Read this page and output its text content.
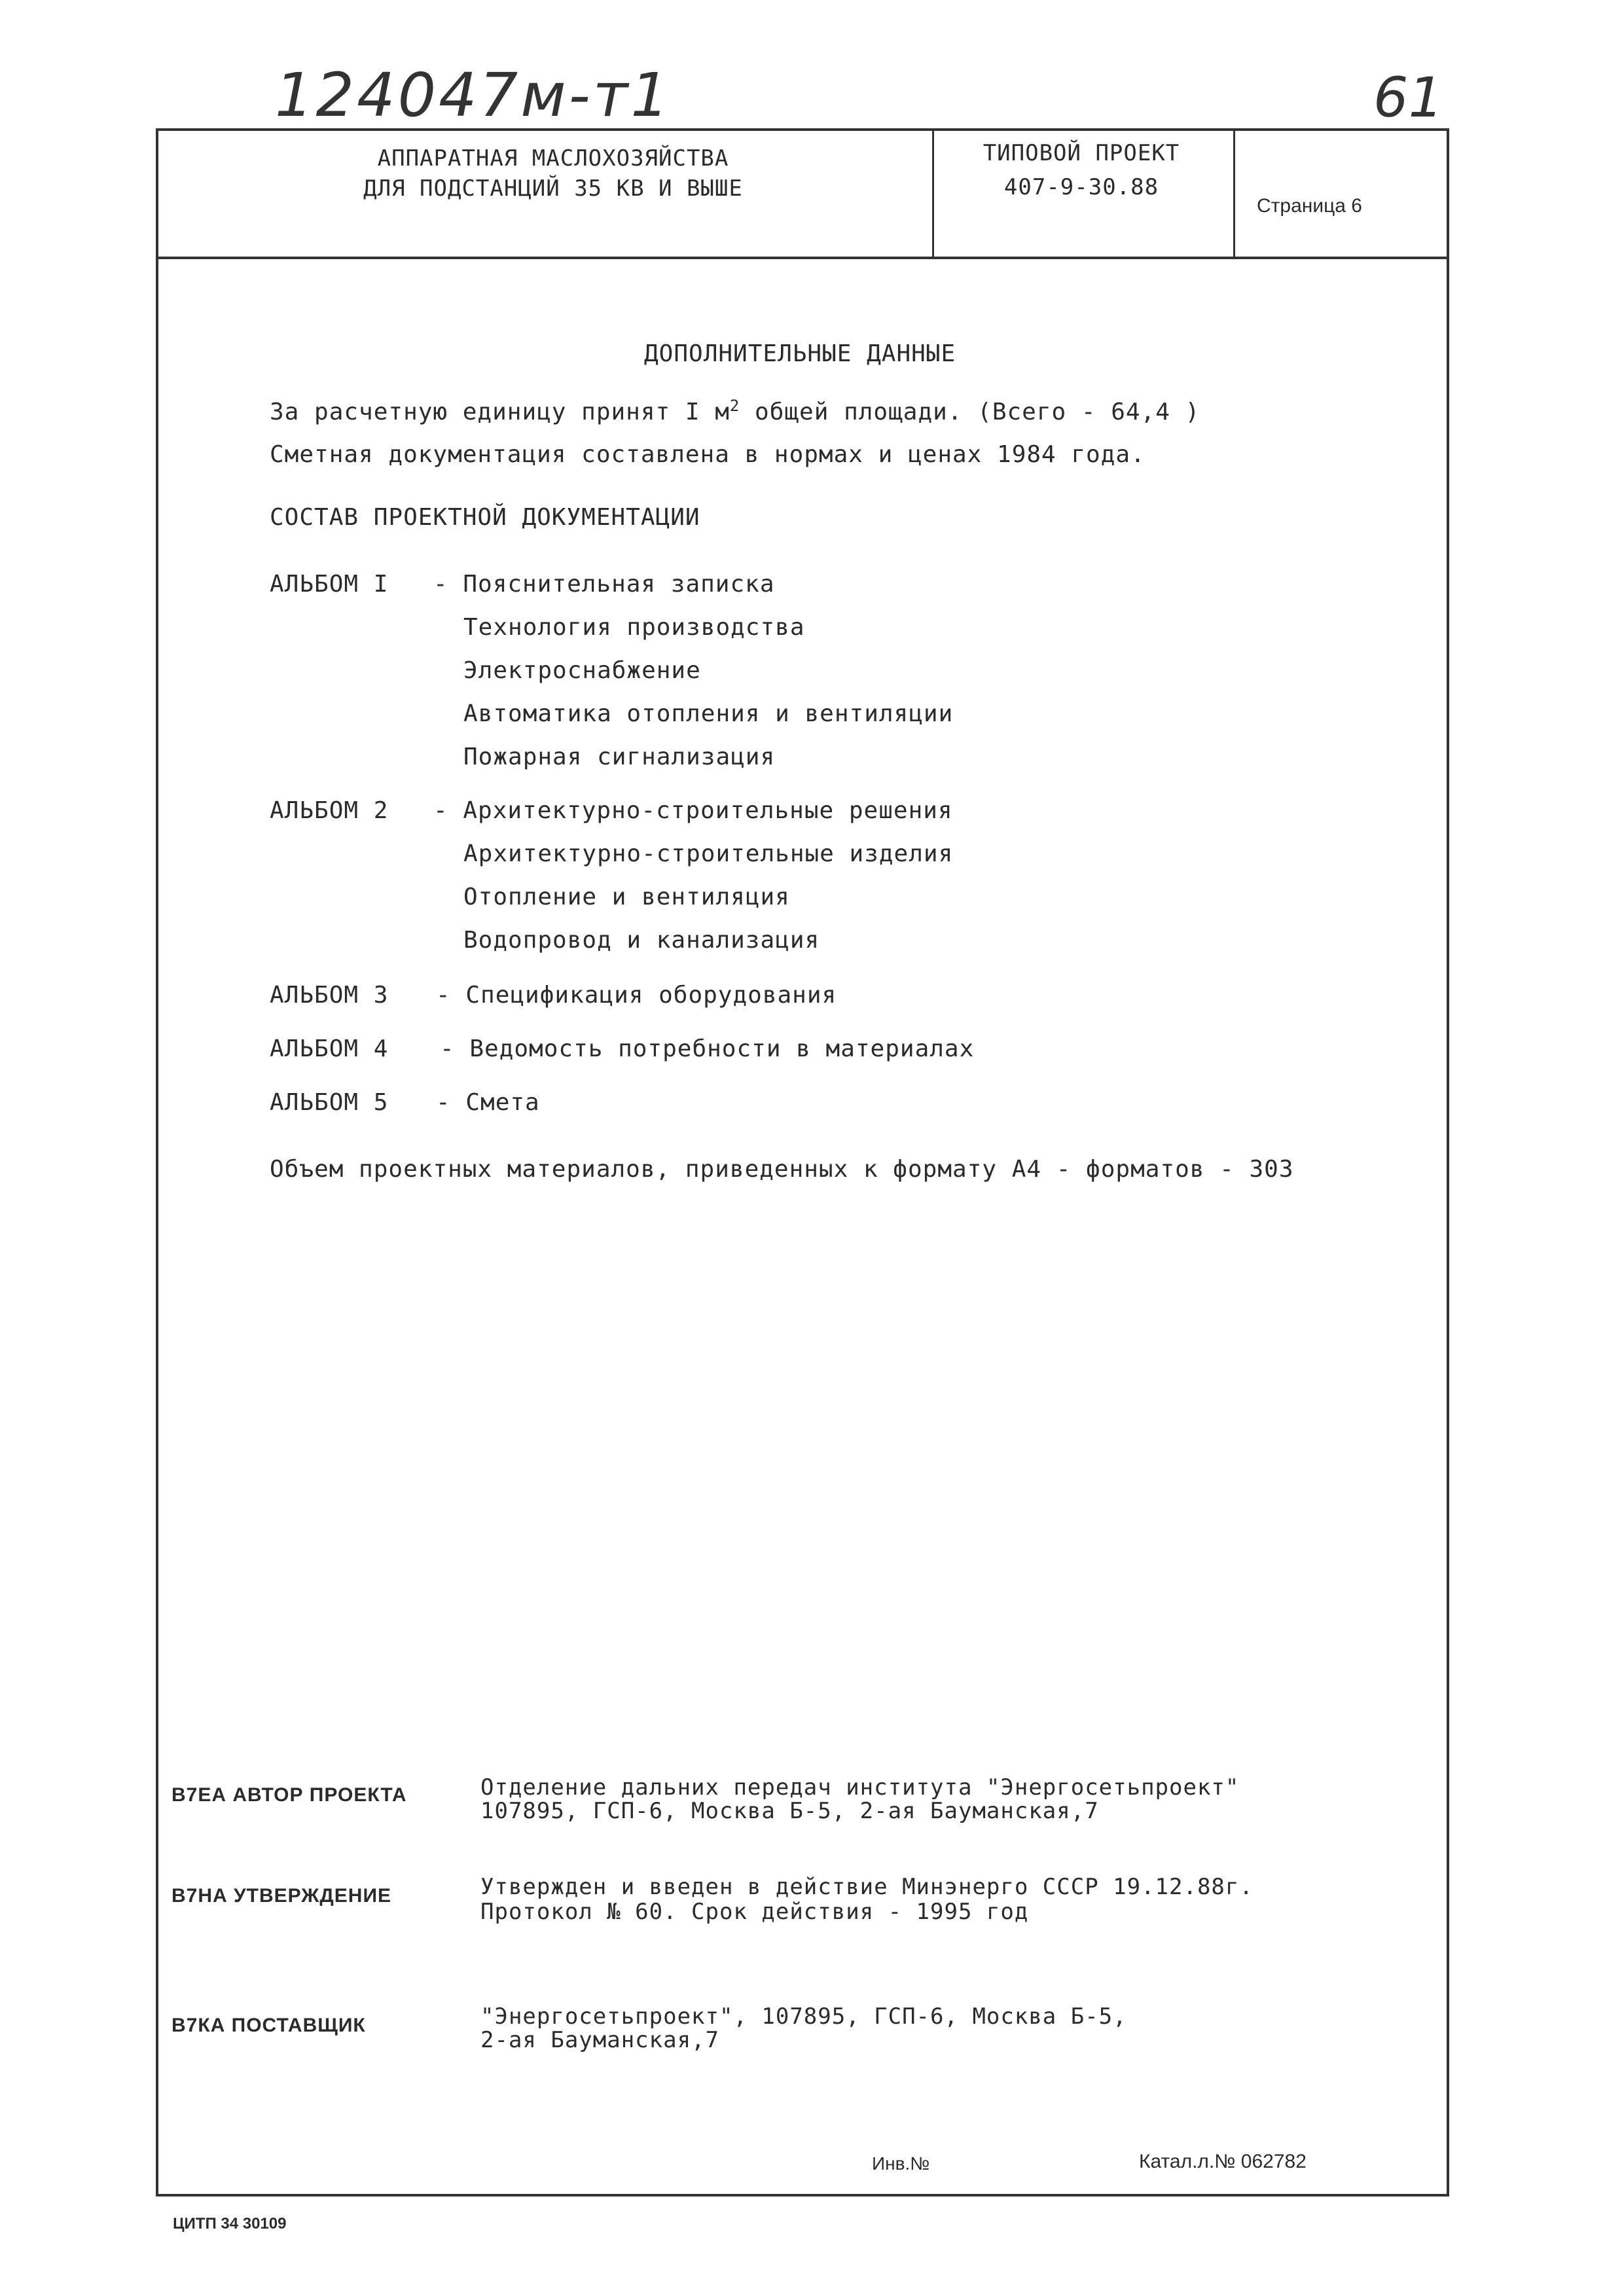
124047м-т1	61
АППАРАТНАЯ МАСЛОХОЗЯЙСТВА
ДЛЯ ПОДСТАНЦИЙ 35 КВ И ВЫШЕ
ТИПОВОЙ ПРОЕКТ
407-9-30.88
Страница 6
ДОПОЛНИТЕЛЬНЫЕ ДАННЫЕ
За расчетную единицу принят I $м^2$ общей площади. (Всего - 64,4 )
Сметная документация составлена в нормах и ценах 1984 года.
СОСТАВ ПРОЕКТНОЙ ДОКУМЕНТАЦИИ
АЛЬБОМ I - Пояснительная записка
Технология производства
Электроснабжение
Автоматика отопления и вентиляции
Пожарная сигнализация
АЛЬБОМ 2 - Архитектурно-строительные решения
Архитектурно-строительные изделия
Отопление и вентиляция
Водопровод и канализация
АЛЬБОМ 3 - Спецификация оборудования
АЛЬБОМ 4 - Ведомость потребности в материалах
АЛЬБОМ 5 - Смета
Объем проектных материалов, приведенных к формату А4 - форматов - 303
В7ЕА АВТОР ПРОЕКТА	Отделение дальних передач института "Энергосетьпроект"
107895, ГСП-6, Москва Б-5, 2-ая Бауманская,7
В7НА УТВЕРЖДЕНИЕ	Утвержден и введен в действие Минэнерго СССР 19.12.88г.
Протокол № 60. Срок действия - 1995 год
В7КА ПОСТАВЩИК	"Энергосетьпроект", 107895, ГСП-6, Москва Б-5,
2-ая Бауманская,7
Инв.№	Катал.л.№ 062782
ЦИТП 34 30109
